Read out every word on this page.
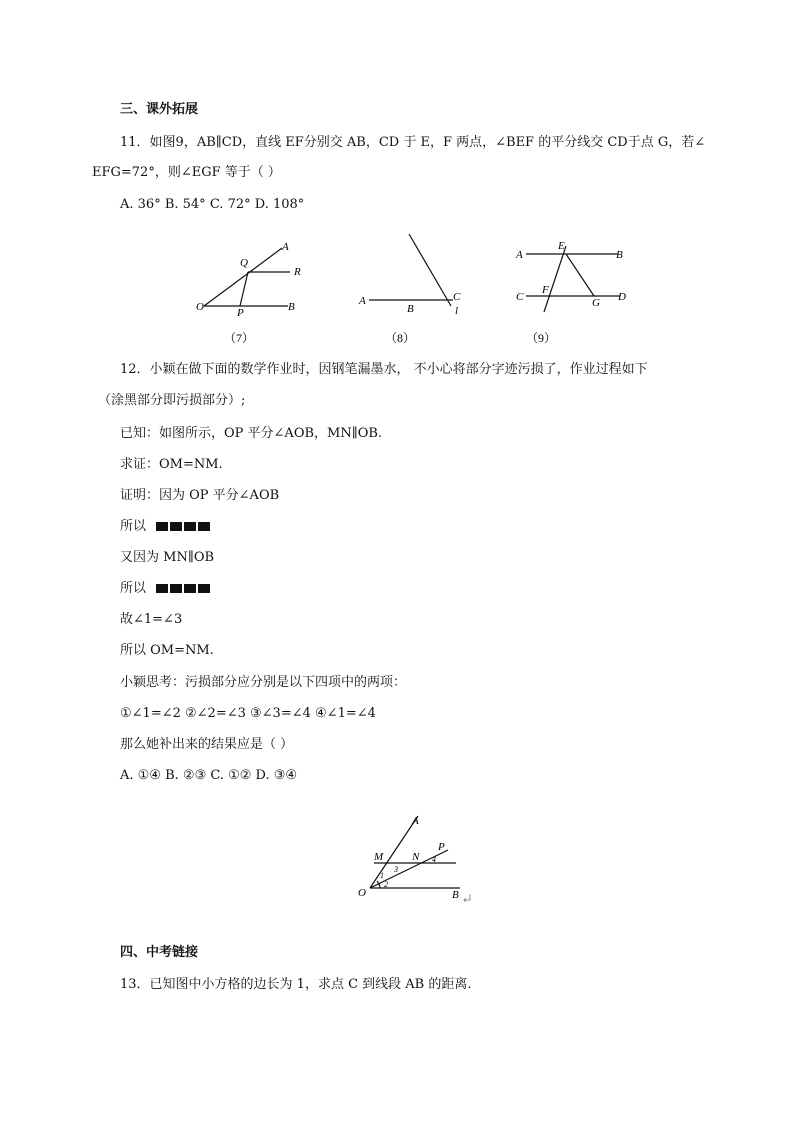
三、课外拓展
11．如图9，AB∥CD，直线 EF分别交 AB，CD 于 E，F 两点，∠BEF 的平分线交 CD于点 G，若∠
EFG=72°，则∠EGF 等于（ ）
A. 36° B. 54° C. 72° D. 108°
A
Q
R
O	P	B
（7）
A
B
C
l
（8）
A
E
B
C
F
G D
（9）
12．小颖在做下面的数学作业时，因钢笔漏墨水， 不小心将部分字迹污损了，作业过程如下
（涂黑部分即污损部分）;
已知：如图所示，OP 平分∠AOB，MN∥OB.
求证：OM=NM.
证明：因为 OP 平分∠AOB
所以
又因为 MN∥OB
所以
故∠1=∠3
所以 OM=NM.
小颖思考：污损部分应分别是以下四项中的两项：
①∠1=∠2 ②∠2=∠3 ③∠3=∠4 ④∠1=∠4
那么她补出来的结果应是（ ）
A. ①④ B. ②③ C. ①② D. ③④
A
P
M	N 4
1
3
2
O	B
四、中考链接
13．已知图中小方格的边长为 1，求点 C 到线段 AB 的距离.
